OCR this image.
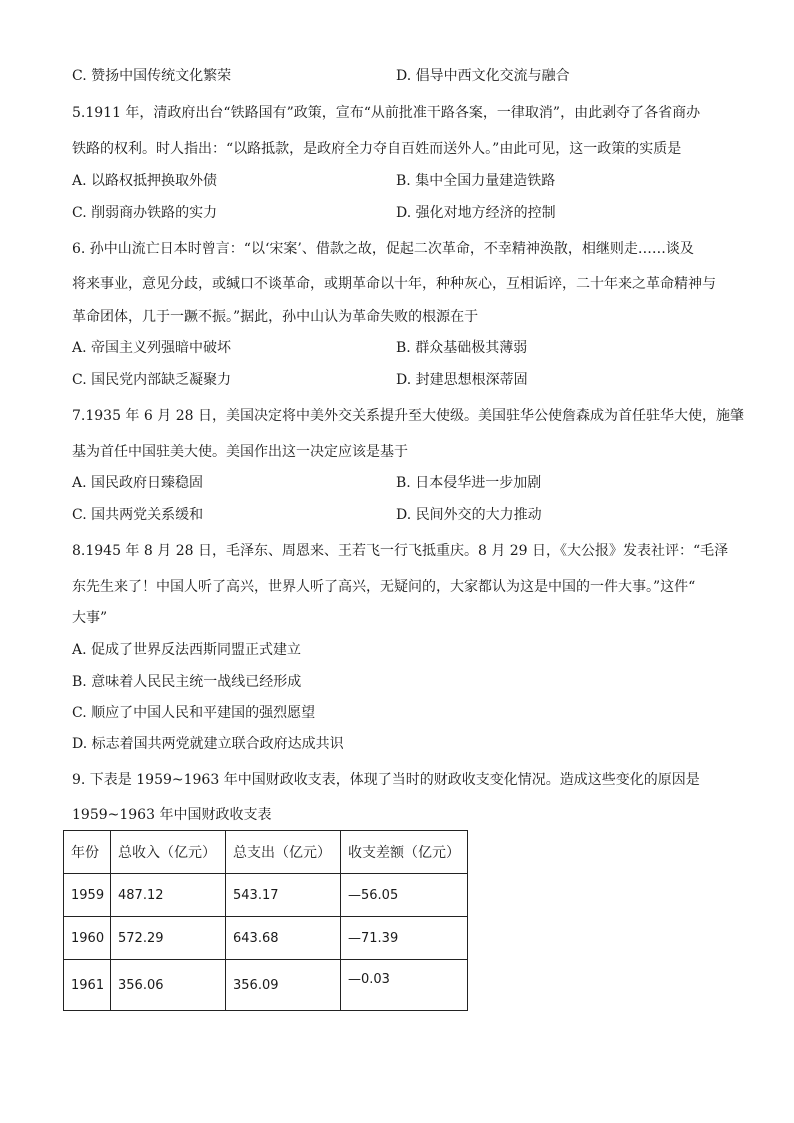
C. 赞扬中国传统文化繁荣	D. 倡导中西文化交流与融合
5.1911 年，清政府出台“铁路国有”政策，宣布“从前批准干路各案，一律取消”，由此剥夺了各省商办
铁路的权利。时人指出：“以路抵款，是政府全力夺自百姓而送外人。”由此可见，这一政策的实质是
A. 以路权抵押换取外债	B. 集中全国力量建造铁路
C. 削弱商办铁路的实力	D. 强化对地方经济的控制
6. 孙中山流亡日本时曾言：“以‘宋案’、借款之故，促起二次革命，不幸精神涣散，相继则走……谈及
将来事业，意见分歧，或缄口不谈革命，或期革命以十年，种种灰心，互相诟谇，二十年来之革命精神与
革命团体，几于一蹶不振。”据此，孙中山认为革命失败的根源在于
A. 帝国主义列强暗中破坏	B. 群众基础极其薄弱
C. 国民党内部缺乏凝聚力	D. 封建思想根深蒂固
7.1935 年 6 月 28 日，美国决定将中美外交关系提升至大使级。美国驻华公使詹森成为首任驻华大使，施肇
基为首任中国驻美大使。美国作出这一决定应该是基于
A. 国民政府日臻稳固	B. 日本侵华进一步加剧
C. 国共两党关系缓和	D. 民间外交的大力推动
8.1945 年 8 月 28 日，毛泽东、周恩来、王若飞一行飞抵重庆。8 月 29 日，《大公报》发表社评：“毛泽
东先生来了！中国人听了高兴，世界人听了高兴，无疑问的，大家都认为这是中国的一件大事。”这件“
大事”
A. 促成了世界反法西斯同盟正式建立
B. 意味着人民民主统一战线已经形成
C. 顺应了中国人民和平建国的强烈愿望
D. 标志着国共两党就建立联合政府达成共识
9. 下表是 1959~1963 年中国财政收支表，体现了当时的财政收支变化情况。造成这些变化的原因是
1959~1963 年中国财政收支表
年份	总收入（亿元）	总支出（亿元）	收支差额（亿元）
1959	487.12	543.17	—56.05
1960	572.29	643.68	—71.39
1961	356.06	356.09	—0.03
